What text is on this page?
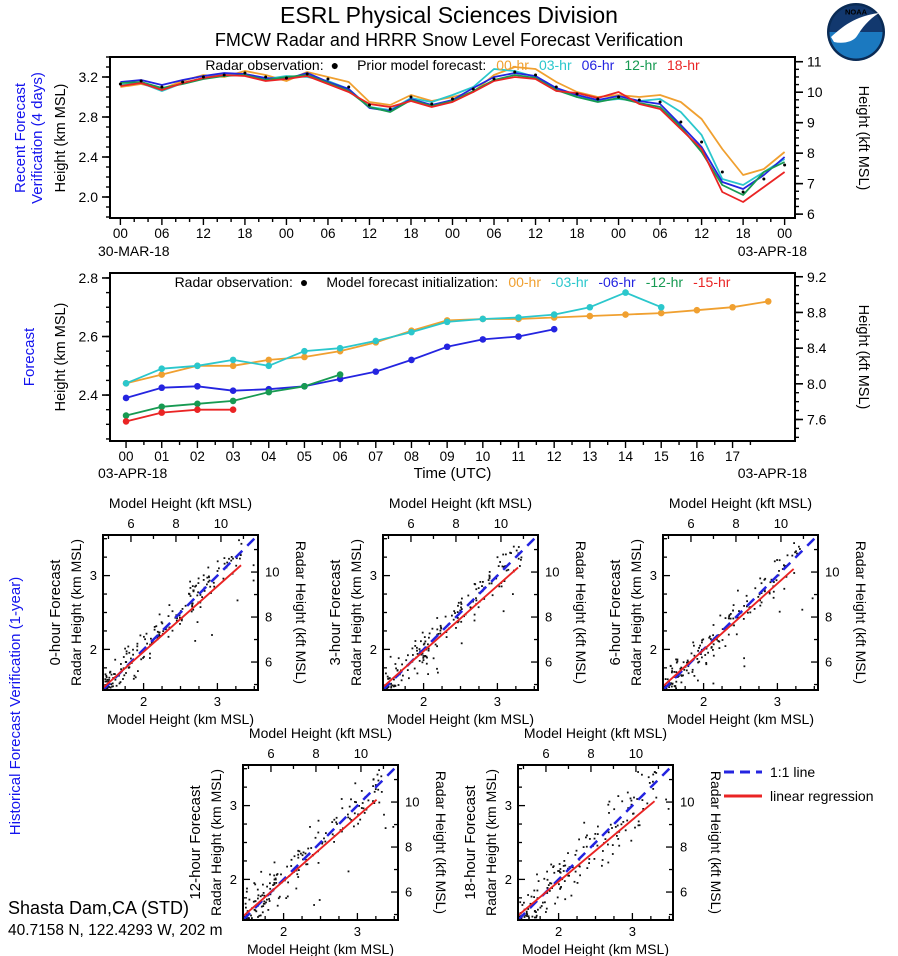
ESRL Physical Sciences Division
FMCW Radar and HRRR Snow Level Forecast Verification
NOAA
00 06 12 18 00 06 12 18 00 06 12 18 00 06 12 18 00
2.0
2.4
2.8
3.2
6
7
8
9
10
11
30-MAR-18	03-APR-18
Radar observation: ● Prior model forecast: 00-hr 03-hr 06-hr 12-hr 18-hr
Recent Forecast Verification (4 days) Height (km MSL)	Height (kft MSL)
00 01 02 03 04 05 06 07 08 09 10 11 12 13 14 15 16 17
2.4
2.6
2.8
7.6
8.0
8.4
8.8
9.2
03-APR-18	03-APR-18
Time (UTC)
Radar observation: ● Model forecast initialization: 00-hr -03-hr -06-hr -12-hr -15-hr
Forecast Height (km MSL)	Height (kft MSL)
Historical Forecast Verification (1-year)	2
2
3
3
6
6
8
8
10
10
Model Height (kft MSL)
Model Height (km MSL)
Radar Height (km MSL)
0-hour Forecast	Radar Height (kft MSL)
2
2
3
3
6
6
8
8
10
10
Model Height (kft MSL)
Model Height (km MSL)
Radar Height (km MSL)
3-hour Forecast	Radar Height (kft MSL)
2
2
3
3
6
6
8
8
10
10
Model Height (kft MSL)
Model Height (km MSL)
Radar Height (km MSL)
6-hour Forecast	Radar Height (kft MSL)
2
2
3
3
6
6
8
8
10
10
Model Height (kft MSL)
Model Height (km MSL)
Radar Height (km MSL)
12-hour Forecast	Radar Height (kft MSL)
2
2
3
3
6
6
8
8
10
10
Model Height (kft MSL)
Model Height (km MSL)
Radar Height (km MSL)
18-hour Forecast	Radar Height (kft MSL)	1:1 line
linear regression
Shasta Dam,CA (STD)
40.7158 N, 122.4293 W, 202 m
